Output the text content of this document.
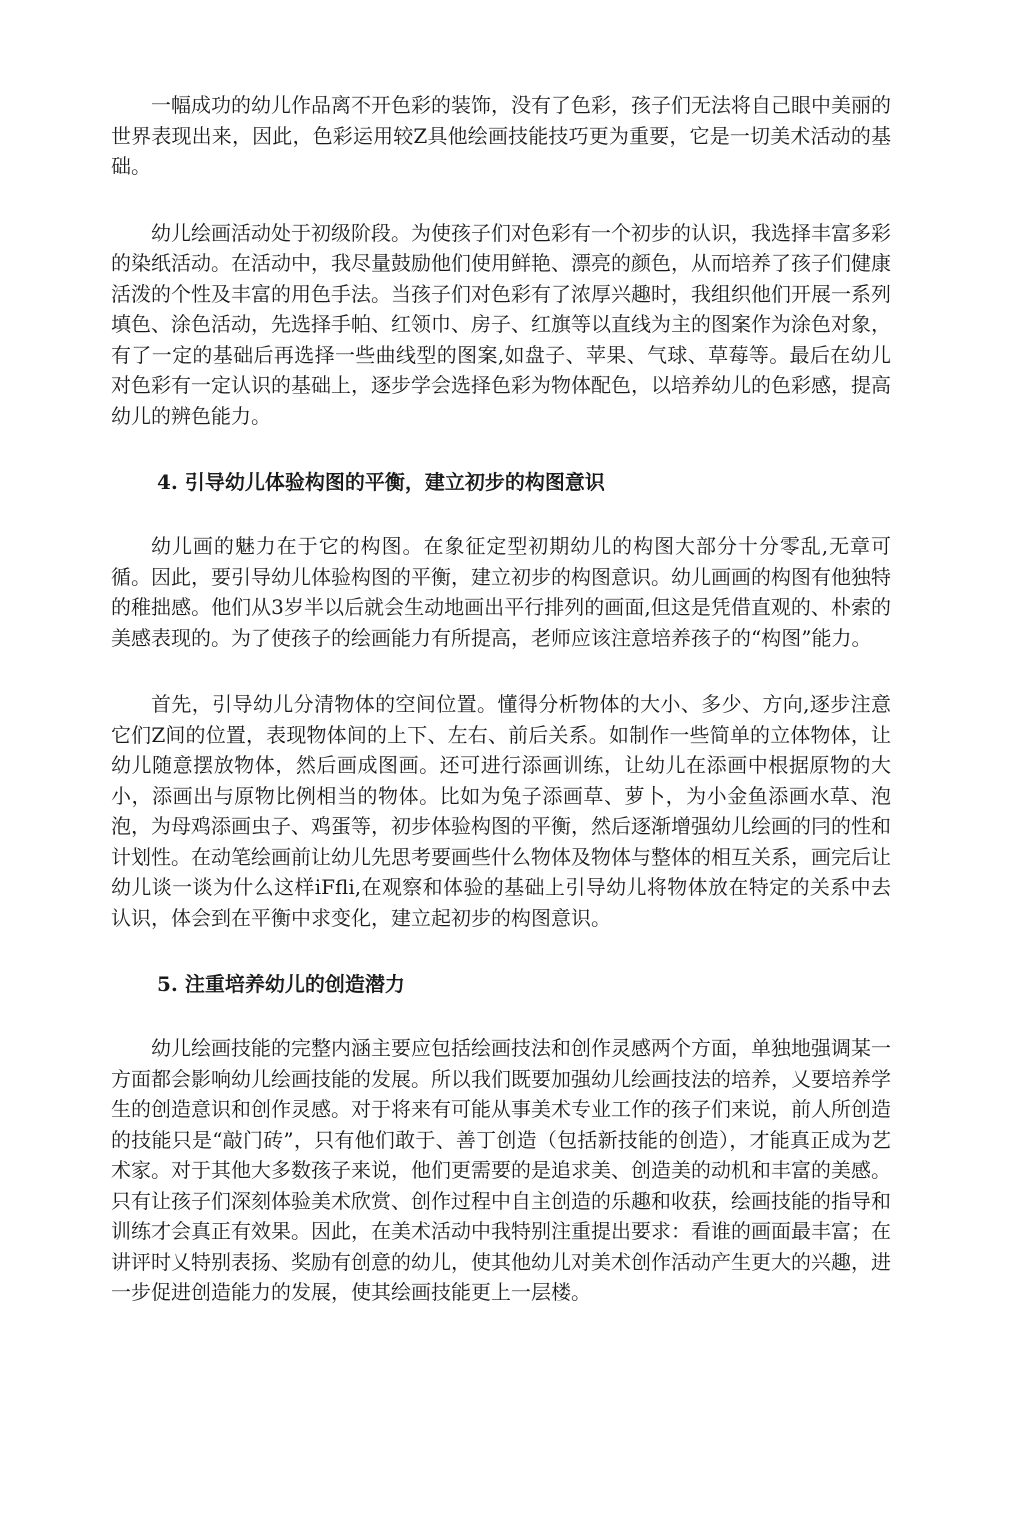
一幅成功的幼儿作品离不开色彩的装饰，没有了色彩，孩子们无法将自己眼中美丽的世界表现出来，因此，色彩运用较Z具他绘画技能技巧更为重要，它是一切美术活动的基础。

幼儿绘画活动处于初级阶段。为使孩子们对色彩有一个初步的认识，我选择丰富多彩的染纸活动。在活动中，我尽量鼓励他们使用鲜艳、漂亮的颜色，从而培养了孩子们健康活泼的个性及丰富的用色手法。当孩子们对色彩有了浓厚兴趣时，我组织他们开展一系列填色、涂色活动，先选择手帕、红领巾、房子、红旗等以直线为主的图案作为涂色对象，有了一定的基础后再选择一些曲线型的图案,如盘子、苹果、气球、草莓等。最后在幼儿对色彩有一定认识的基础上，逐步学会选择色彩为物体配色，以培养幼儿的色彩感，提高幼儿的辨色能力。

4. 引导幼儿体验构图的平衡，建立初步的构图意识

幼儿画的魅力在于它的构图。在象征定型初期幼儿的构图大部分十分零乱,无章可循。因此，要引导幼儿体验构图的平衡，建立初步的构图意识。幼儿画画的构图有他独特的稚拙感。他们从3岁半以后就会生动地画出平行排列的画面,但这是凭借直观的、朴索的美感表现的。为了使孩子的绘画能力有所提高，老师应该注意培养孩子的“构图”能力。

首先，引导幼儿分清物体的空间位置。懂得分析物体的大小、多少、方向,逐步注意它们Z间的位置，表现物体间的上下、左右、前后关系。如制作一些简单的立体物体，让幼儿随意摆放物体，然后画成图画。还可进行添画训练，让幼儿在添画中根据原物的大小，添画出与原物比例相当的物体。比如为兔子添画草、萝卜，为小金鱼添画水草、泡泡，为母鸡添画虫子、鸡蛋等，初步体验构图的平衡，然后逐渐增强幼儿绘画的冃的性和计划性。在动笔绘画前让幼儿先思考要画些什么物体及物体与整体的相互关系，画完后让幼儿谈一谈为什么这样iFfli,在观察和体验的基础上引导幼儿将物体放在特定的关系中去认识，体会到在平衡中求变化，建立起初步的构图意识。

5. 注重培养幼儿的创造潜力

幼儿绘画技能的完整内涵主要应包括绘画技法和创作灵感两个方面，单独地强调某一方面都会影响幼儿绘画技能的发展。所以我们既要加强幼儿绘画技法的培养，乂要培养学生的创造意识和创作灵感。对于将来有可能从事美术专业工作的孩子们来说，前人所创造的技能只是“敲门砖”，只有他们敢于、善丁创造（包括新技能的创造），才能真正成为艺术家。对于其他大多数孩子来说，他们更需要的是追求美、创造美的动机和丰富的美感。只有让孩子们深刻体验美术欣赏、创作过程中自主创造的乐趣和收获，绘画技能的指导和训练才会真正有效果。因此，在美术活动中我特别注重提出要求：看谁的画面最丰富；在讲评时乂特别表扬、奖励有创意的幼儿，使其他幼儿对美术创作活动产生更大的兴趣，进一步促进创造能力的发展，使其绘画技能更上一层楼。
